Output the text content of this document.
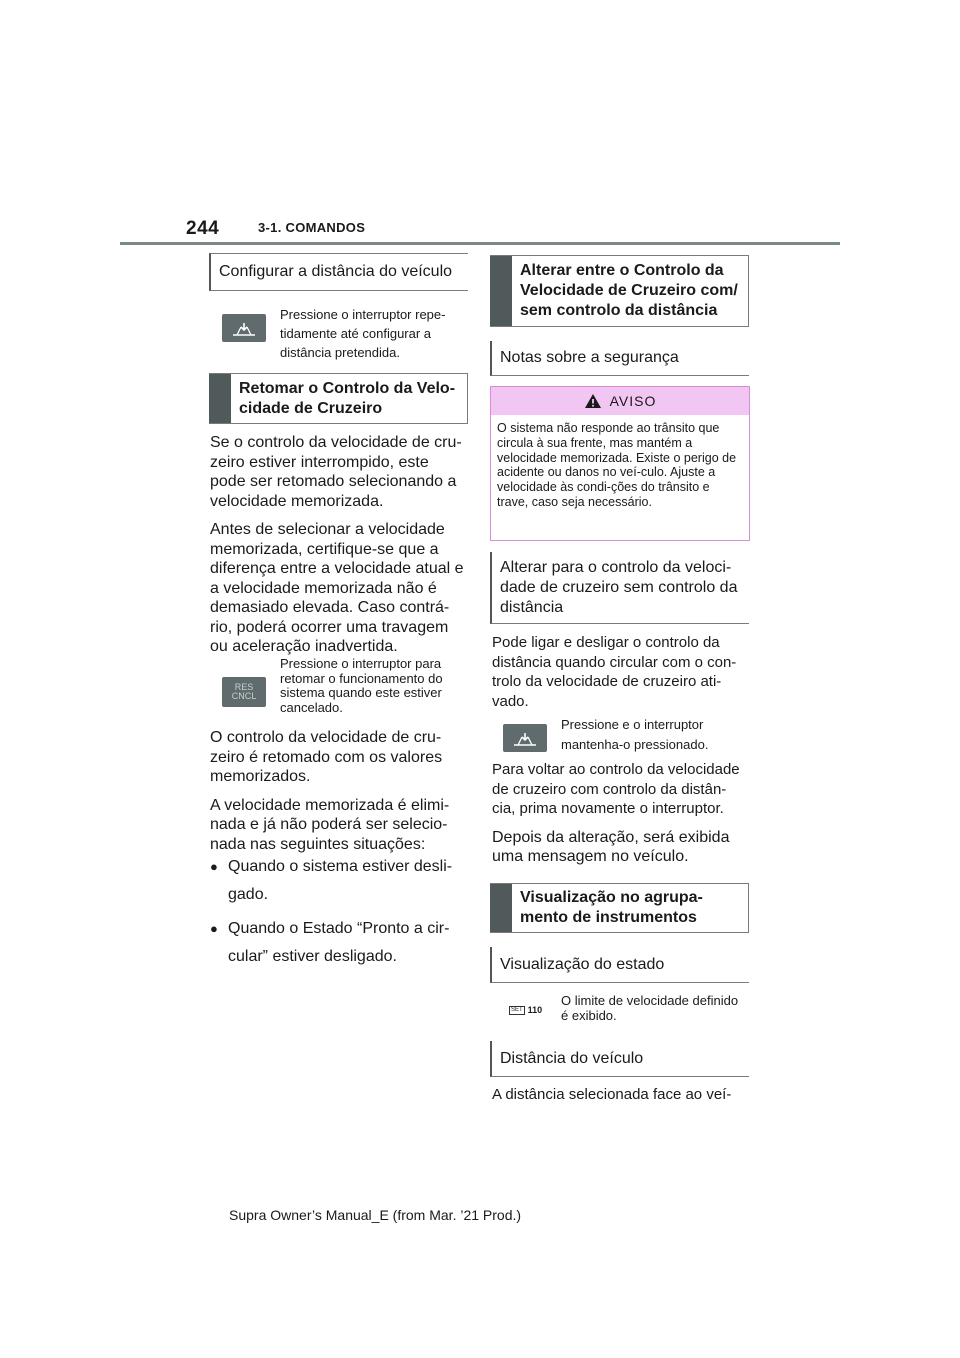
244	3-1. COMANDOS
Configurar a distância do veículo
Pressione o interruptor repe-tidamente até configurar a distância pretendida.
Retomar o Controlo da Velo-cidade de Cruzeiro

Se o controlo da velocidade de cru-zeiro estiver interrompido, este pode ser retomado selecionando a velocidade memorizada.

Antes de selecionar a velocidade memorizada, certifique-se que a diferença entre a velocidade atual e a velocidade memorizada não é demasiado elevada. Caso contrá-rio, poderá ocorrer uma travagem ou aceleração inadvertida.

RES
CNCL
Pressione o interruptor para retomar o funcionamento do sistema quando este estiver cancelado.

O controlo da velocidade de cru-zeiro é retomado com os valores memorizados.

A velocidade memorizada é elimi-nada e já não poderá ser selecio-nada nas seguintes situações:

● Quando o sistema estiver desli-gado.
● Quando o Estado “Pronto a cir-cular” estiver desligado.
Alterar entre o Controlo da Velocidade de Cruzeiro com/ sem controlo da distância
Notas sobre a segurança
AVISO
O sistema não responde ao trânsito que circula à sua frente, mas mantém a velocidade memorizada. Existe o perigo de acidente ou danos no veí-culo. Ajuste a velocidade às condi-ções do trânsito e trave, caso seja necessário.
Alterar para o controlo da veloci-dade de cruzeiro sem controlo da distância

Pode ligar e desligar o controlo da distância quando circular com o con-trolo da velocidade de cruzeiro ati-vado.

Pressione e o interruptor mantenha-o pressionado.

Para voltar ao controlo da velocidade de cruzeiro com controlo da distân-cia, prima novamente o interruptor.

Depois da alteração, será exibida uma mensagem no veículo.

Visualização no agrupa-mento de instrumentos
Visualização do estado
SET 110
O limite de velocidade definido é exibido.
Distância do veículo

A distância selecionada face ao veí-

Supra Owner’s Manual_E (from Mar. ’21 Prod.)
